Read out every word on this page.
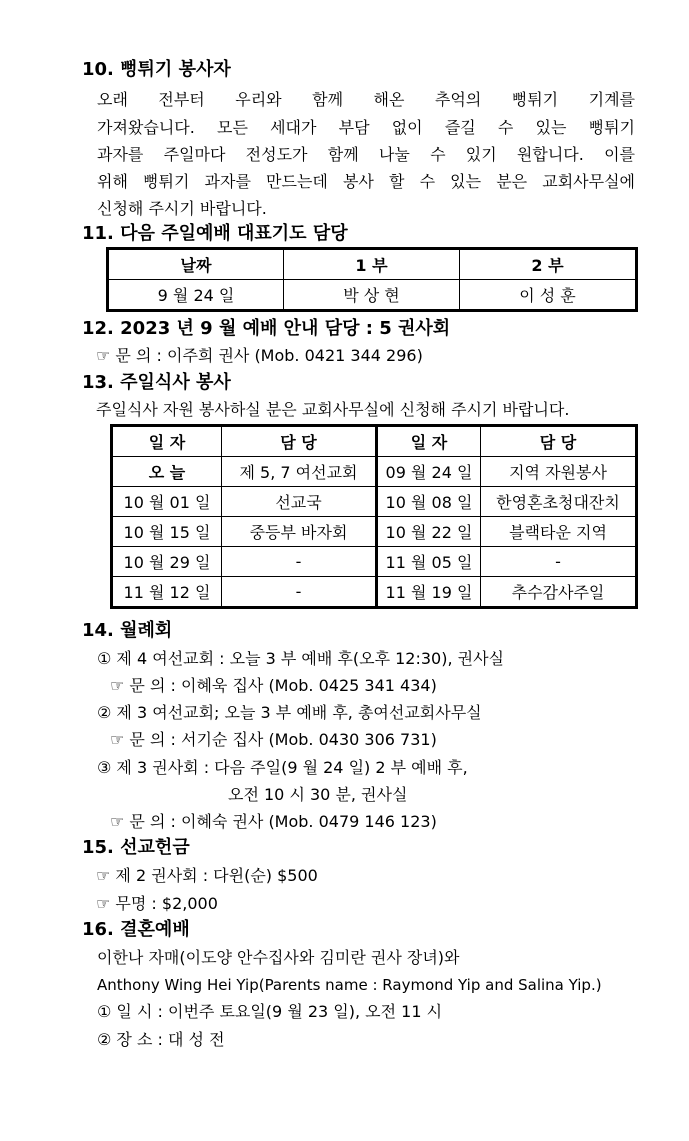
10. 뻥튀기 봉사자

오래 전부터 우리와 함께 해온 추억의 뻥튀기 기계를

가져왔습니다. 모든 세대가 부담 없이 즐길 수 있는 뻥튀기

과자를 주일마다 전성도가 함께 나눌 수 있기 원합니다. 이를

위해 뻥튀기 과자를 만드는데 봉사 할 수 있는 분은 교회사무실에

신청해 주시기 바랍니다.

11. 다음 주일예배 대표기도 담당
날짜	1 부	2 부
9 월 24 일	박 상 현	이 성 훈
12. 2023 년 9 월 예배 안내 담당 : 5 권사회

☞ 문 의 : 이주희 권사 (Mob. 0421 344 296)

13. 주일식사 봉사

주일식사 자원 봉사하실 분은 교회사무실에 신청해 주시기 바랍니다.

일 자	담 당	일 자	담 당
오 늘	제 5, 7 여선교회	09 월 24 일	지역 자원봉사
10 월 01 일	선교국	10 월 08 일	한영혼초청대잔치
10 월 15 일	중등부 바자회	10 월 22 일	블랙타운 지역
10 월 29 일	-	11 월 05 일	-
11 월 12 일	-	11 월 19 일	추수감사주일
14. 월례회

① 제 4 여선교회 : 오늘 3 부 예배 후(오후 12:30), 권사실

☞ 문 의 : 이혜욱 집사 (Mob. 0425 341 434)

② 제 3 여선교회; 오늘 3 부 예배 후, 총여선교회사무실

☞ 문 의 : 서기순 집사 (Mob. 0430 306 731)

③ 제 3 권사회 : 다음 주일(9 월 24 일) 2 부 예배 후,

오전 10 시 30 분, 권사실

☞ 문 의 : 이혜숙 권사 (Mob. 0479 146 123)

15. 선교헌금

☞ 제 2 권사회 : 다윈(순) $500

☞ 무명 : $2,000

16. 결혼예배

이한나 자매(이도양 안수집사와 김미란 권사 장녀)와

Anthony Wing Hei Yip(Parents name : Raymond Yip and Salina Yip.)

① 일 시 : 이번주 토요일(9 월 23 일), 오전 11 시

② 장 소 : 대 성 전
